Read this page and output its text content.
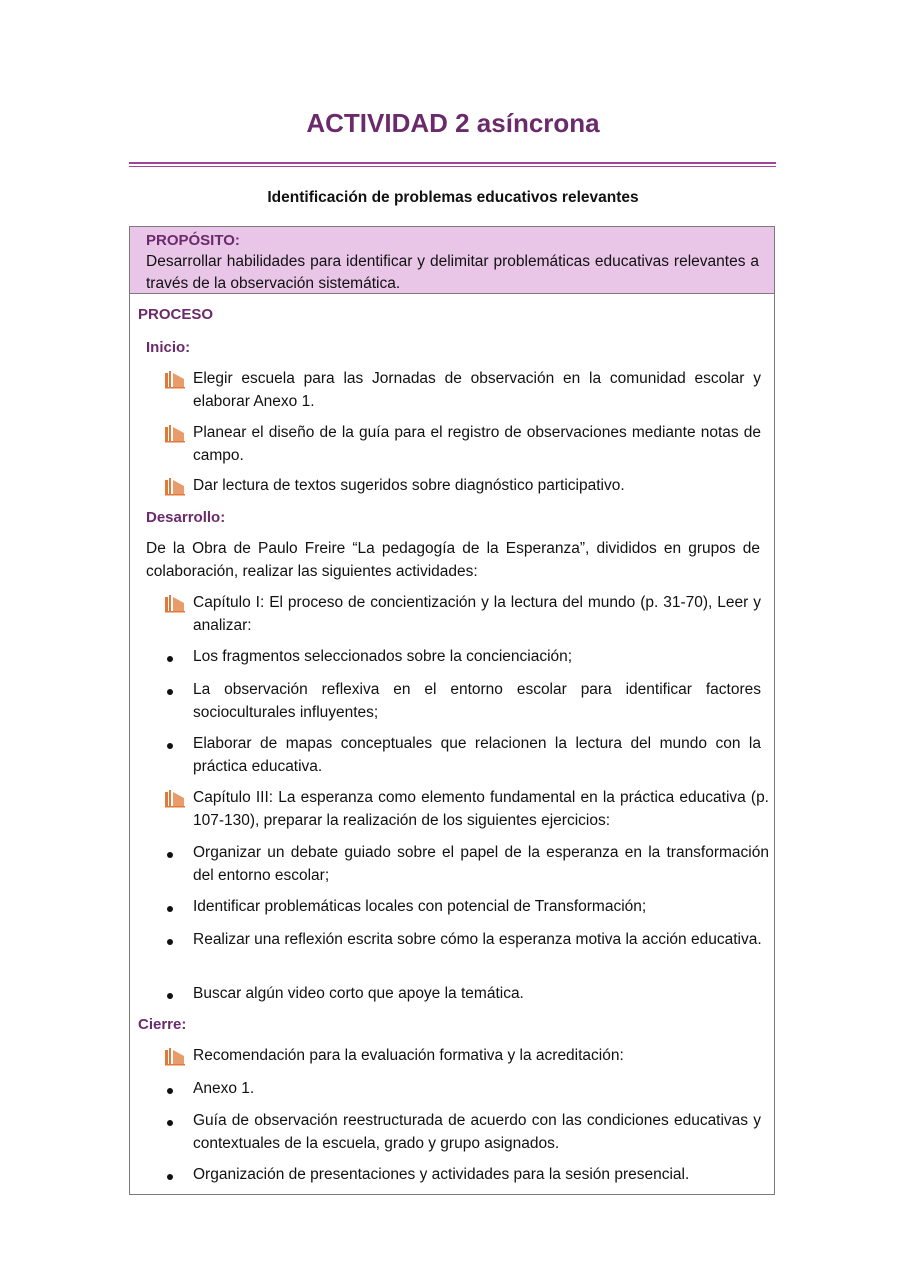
ACTIVIDAD 2 asíncrona
Identificación de problemas educativos relevantes
PROPÓSITO:
Desarrollar habilidades para identificar y delimitar problemáticas educativas relevantes a través de la observación sistemática.
PROCESO
Inicio:
Elegir escuela para las Jornadas de observación en la comunidad escolar y elaborar Anexo 1.
Planear el diseño de la guía para el registro de observaciones mediante notas de campo.
Dar lectura de textos sugeridos sobre diagnóstico participativo.
Desarrollo:
De la Obra de Paulo Freire “La pedagogía de la Esperanza”, divididos en grupos de colaboración, realizar las siguientes actividades:
Capítulo I: El proceso de concientización y la lectura del mundo (p. 31-70), Leer y analizar:
Los fragmentos seleccionados sobre la concienciación;
La observación reflexiva en el entorno escolar para identificar factores socioculturales influyentes;
Elaborar de mapas conceptuales que relacionen la lectura del mundo con la práctica educativa.
Capítulo III: La esperanza como elemento fundamental en la práctica educativa (p. 107-130), preparar la realización de los siguientes ejercicios:
Organizar un debate guiado sobre el papel de la esperanza en la transformación del entorno escolar;
Identificar problemáticas locales con potencial de Transformación;
Realizar una reflexión escrita sobre cómo la esperanza motiva la acción educativa.
Buscar algún video corto que apoye la temática.
Cierre:
Recomendación para la evaluación formativa y la acreditación:
Anexo 1.
Guía de observación reestructurada de acuerdo con las condiciones educativas y contextuales de la escuela, grado y grupo asignados.
Organización de presentaciones y actividades para la sesión presencial.
